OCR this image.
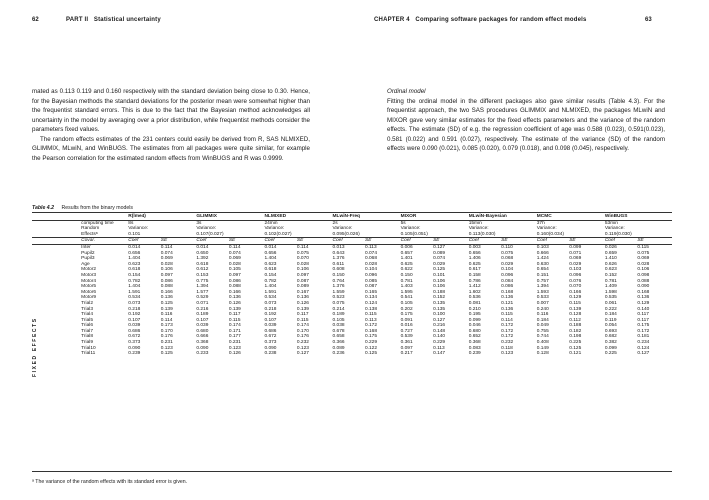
62	PART II Statistical uncertainty	CHAPTER 4 Comparing software packages for random effect models	63

mated as 0.113 0.119 and 0.160 respectively with the standard deviation being close to 0.30. Hence, for the Bayesian methods the standard deviations for the posterior mean were somewhat higher than the frequentist standard errors. This is due to the fact that the Bayesian method acknowledges all uncertainty in the model by averaging over a prior distribution, while frequentist methods consider the parameters fixed values.

The random effects estimates of the 231 centers could easily be derived from R, SAS NLMIXED, GLIMMIX, MLwiN, and WinBUGS. The estimates from all packages were quite similar, for example the Pearson correlation for the estimated random effects from WinBUGS and R was 0.9999.

Ordinal model

Fitting the ordinal model in the different packages also gave similar results (Table 4.3). For the frequentist approach, the two SAS procedures GLIMMIX and NLMIXED, the packages MLwiN and MIXOR gave very similar estimates for the fixed effects parameters and the variance of the random effects. The estimate (SD) of e.g. the regression coefficient of age was 0.588 (0.023), 0.591(0.023), 0.581 (0.022) and 0.591 (0.027), respectively. The estimate of the variance (SD) of the random effects were 0.090 (0.021), 0.085 (0.020), 0.079 (0.018), and 0.098 (0.045), respectively.

Table 4.2 Results from the binary models
		R(lme4)		GLIMMIX		NLMIXED		MLwiN-Freq		MIXOR		MLwiN-Bayesian		MCMC		WinBUGS	
	computing time	8s		3s		24min		2s		5s		15min		37h		53min	
	Random	Variance:		Variance:		Variance:		Variance:		Variance:		Variance:		Variance:		Variance:	
	Effectsᵃ	0.101		0.107(0.027)		0.102(0.027)		0.095(0.026)		0.105(0.051)		0.113(0.030)		0.160(0.034)		0.119(0.030)	
	Covar.	Coef	SE	Coef	SE	Coef	SE	Coef	SE	Coef	SE	Coef	SE	Coef	SE	Coef	SE
	Inter	0.014	0.114	0.014	0.114	0.014	0.114	0.013	0.113	0.006	0.127	0.003	0.110	0.103	0.099	0.026	0.115
	Pupil2	0.656	0.074	0.650	0.074	0.656	0.075	0.643	0.074	0.657	0.089	0.656	0.075	0.666	0.071	0.659	0.075
	Pupil3	1.404	0.069	1.392	0.069	1.404	0.070	1.376	0.068	1.401	0.074	1.406	0.068	1.424	0.069	1.410	0.069
	Age	0.623	0.028	0.618	0.028	0.623	0.028	0.611	0.028	0.625	0.029	0.625	0.029	0.630	0.029	0.626	0.028
	Motor2	0.618	0.106	0.612	0.105	0.618	0.106	0.608	0.104	0.622	0.125	0.617	0.104	0.654	0.103	0.623	0.106
	Motor3	0.154	0.097	0.153	0.097	0.154	0.097	0.150	0.096	0.150	0.101	0.158	0.096	0.151	0.096	0.152	0.098
	Motor4	0.782	0.086	0.775	0.086	0.782	0.087	0.764	0.085	0.781	0.106	0.786	0.084	0.757	0.076	0.781	0.088
	Motor5	1.404	0.088	1.394	0.088	1.404	0.089	1.376	0.087	1.403	0.106	1.412	0.086	1.394	0.070	1.409	0.090
	Motor6	1.591	0.166	1.577	0.166	1.591	0.167	1.559	0.165	1.595	0.188	1.602	0.168	1.593	0.166	1.598	0.168
	Motor9	0.534	0.136	0.529	0.136	0.534	0.136	0.523	0.134	0.541	0.152	0.536	0.136	0.533	0.129	0.535	0.136
	Trial2	0.073	0.125	0.071	0.126	0.073	0.126	0.075	0.124	0.105	0.135	0.081	0.121	0.007	0.115	0.061	0.129
	Trial3	0.218	0.139	0.216	0.139	0.218	0.139	0.214	0.138	0.202	0.135	0.210	0.136	0.240	0.139	0.222	0.140
	Trial4	0.192	0.116	0.189	0.117	0.192	0.117	0.189	0.115	0.175	0.100	0.195	0.115	0.116	0.128	0.184	0.117
	Trial5	0.107	0.114	0.107	0.115	0.107	0.115	0.105	0.113	0.091	0.127	0.099	0.114	0.184	0.112	0.119	0.117
	Trial6	0.039	0.173	0.039	0.174	0.039	0.174	0.038	0.172	0.016	0.216	0.046	0.172	0.049	0.188	0.054	0.175
	Trial7	0.686	0.170	0.680	0.171	0.686	0.170	0.678	0.168	0.727	0.148	0.680	0.172	0.755	0.182	0.693	0.172
	Trial8	0.672	0.176	0.666	0.177	0.672	0.176	0.658	0.175	0.539	0.140	0.652	0.172	0.744	0.198	0.682	0.181
	Trial9	0.373	0.231	0.368	0.231	0.373	0.232	0.366	0.229	0.361	0.229	0.368	0.232	0.408	0.225	0.382	0.234
	Trial10	0.090	0.123	0.090	0.123	0.090	0.123	0.089	0.122	0.097	0.113	0.083	0.118	0.149	0.125	0.099	0.124
	Trial11	0.239	0.125	0.233	0.126	0.238	0.127	0.236	0.125	0.217	0.147	0.239	0.123	0.128	0.121	0.225	0.127
FIXED EFFECTS
ᵃ The variance of the random effects with its standard error is given.
